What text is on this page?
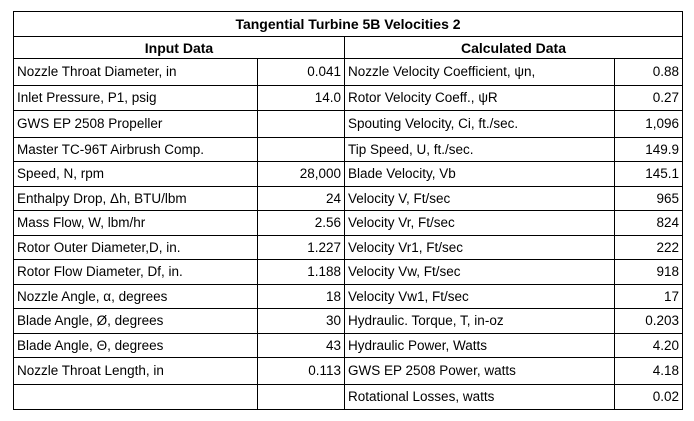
Tangential Turbine 5B Velocities 2			
Input Data		Calculated Data	
Nozzle Throat Diameter, in	0.041	Nozzle Velocity Coefficient, ψn,	0.88
Inlet Pressure, P1, psig	14.0	Rotor Velocity Coeff., ψR	0.27
GWS EP 2508 Propeller		Spouting Velocity, Ci, ft./sec.	1,096
Master TC-96T Airbrush Comp.		Tip Speed, U, ft./sec.	149.9
Speed, N, rpm	28,000	Blade Velocity, Vb	145.1
Enthalpy Drop, Δh, BTU/lbm	24	Velocity V, Ft/sec	965
Mass Flow, W, lbm/hr	2.56	Velocity Vr, Ft/sec	824
Rotor Outer Diameter,D, in.	1.227	Velocity Vr1, Ft/sec	222
Rotor Flow Diameter, Df, in.	1.188	Velocity Vw, Ft/sec	918
Nozzle Angle, α, degrees	18	Velocity Vw1, Ft/sec	17
Blade Angle, Ø, degrees	30	Hydraulic. Torque, T, in-oz	0.203
Blade Angle, Θ, degrees	43	Hydraulic Power, Watts	4.20
Nozzle Throat Length, in	0.113	GWS EP 2508 Power, watts	4.18
		Rotational Losses, watts	0.02
